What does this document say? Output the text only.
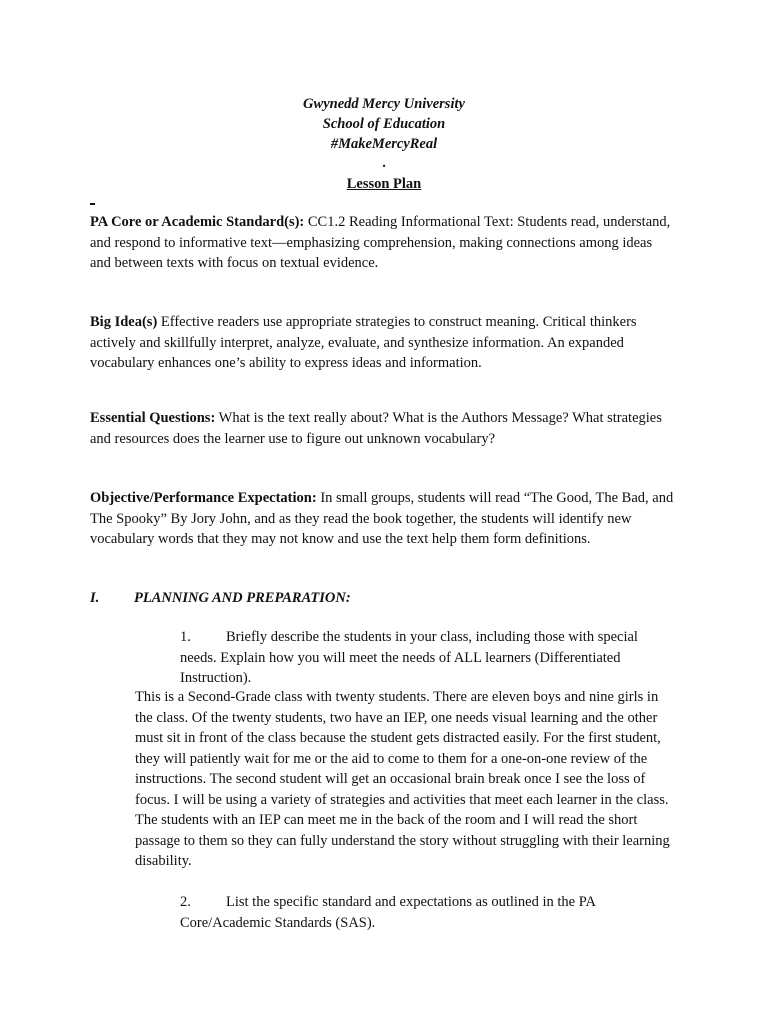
Gwynedd Mercy University
School of Education
#MakeMercyReal
.
Lesson Plan

PA Core or Academic Standard(s): CC1.2 Reading Informational Text: Students read, understand, and respond to informative text—emphasizing comprehension, making connections among ideas and between texts with focus on textual evidence.

Big Idea(s) Effective readers use appropriate strategies to construct meaning. Critical thinkers actively and skillfully interpret, analyze, evaluate, and synthesize information. An expanded vocabulary enhances one’s ability to express ideas and information.

Essential Questions: What is the text really about? What is the Authors Message? What strategies and resources does the learner use to figure out unknown vocabulary?

Objective/Performance Expectation: In small groups, students will read “The Good, The Bad, and The Spooky” By Jory John, and as they read the book together, the students will identify new vocabulary words that they may not know and use the text help them form definitions.

I. PLANNING AND PREPARATION:
1.	Briefly describe the students in your class, including those with special needs. Explain how you will meet the needs of ALL learners (Differentiated Instruction).
This is a Second-Grade class with twenty students. There are eleven boys and nine girls in the class. Of the twenty students, two have an IEP, one needs visual learning and the other must sit in front of the class because the student gets distracted easily. For the first student, they will patiently wait for me or the aid to come to them for a one-on-one review of the instructions. The second student will get an occasional brain break once I see the loss of focus. I will be using a variety of strategies and activities that meet each learner in the class. The students with an IEP can meet me in the back of the room and I will read the short passage to them so they can fully understand the story without struggling with their learning disability.
2.	List the specific standard and expectations as outlined in the PA Core/Academic Standards (SAS).
